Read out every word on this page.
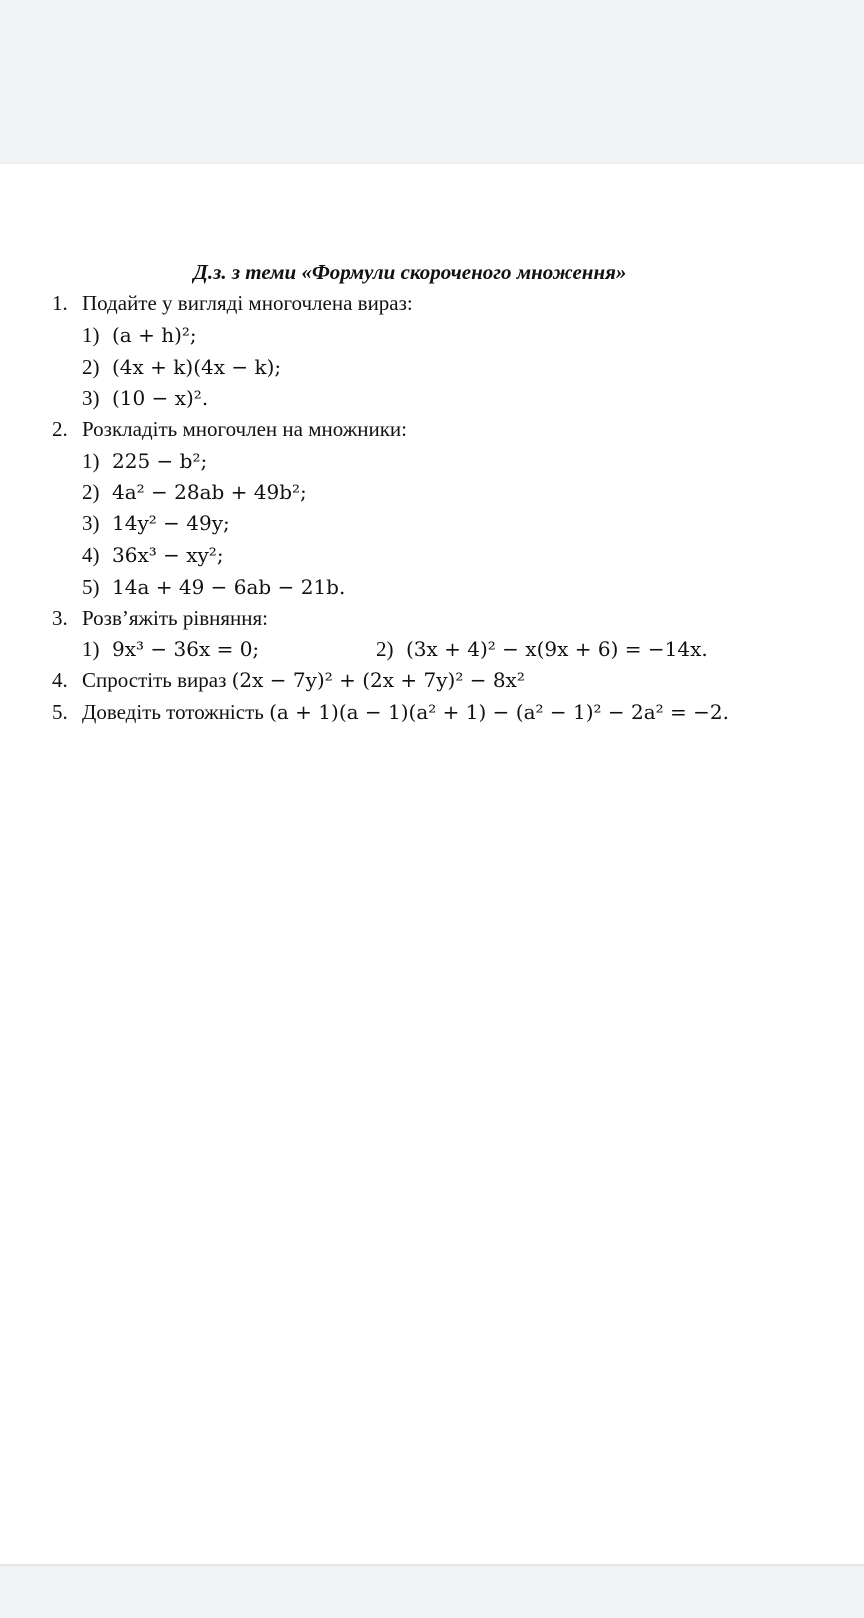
Д.з. з теми «Формули скороченого множення»
1. Подайте у вигляді многочлена вираз:
1) (a + h)²;
2) (4x + k)(4x − k);
3) (10 − x)².
2. Розкладіть многочлен на множники:
1) 225 − b²;
2) 4a² − 28ab + 49b²;
3) 14y² − 49y;
4) 36x³ − xy²;
5) 14a + 49 − 6ab − 21b.
3. Розв’яжіть рівняння:
1) 9x³ − 36x = 0;	2) (3x + 4)² − x(9x + 6) = −14x.
4. Спростіть вираз (2x − 7y)² + (2x + 7y)² − 8x²
5. Доведіть тотожність (a + 1)(a − 1)(a² + 1) − (a² − 1)² − 2a² = −2.
